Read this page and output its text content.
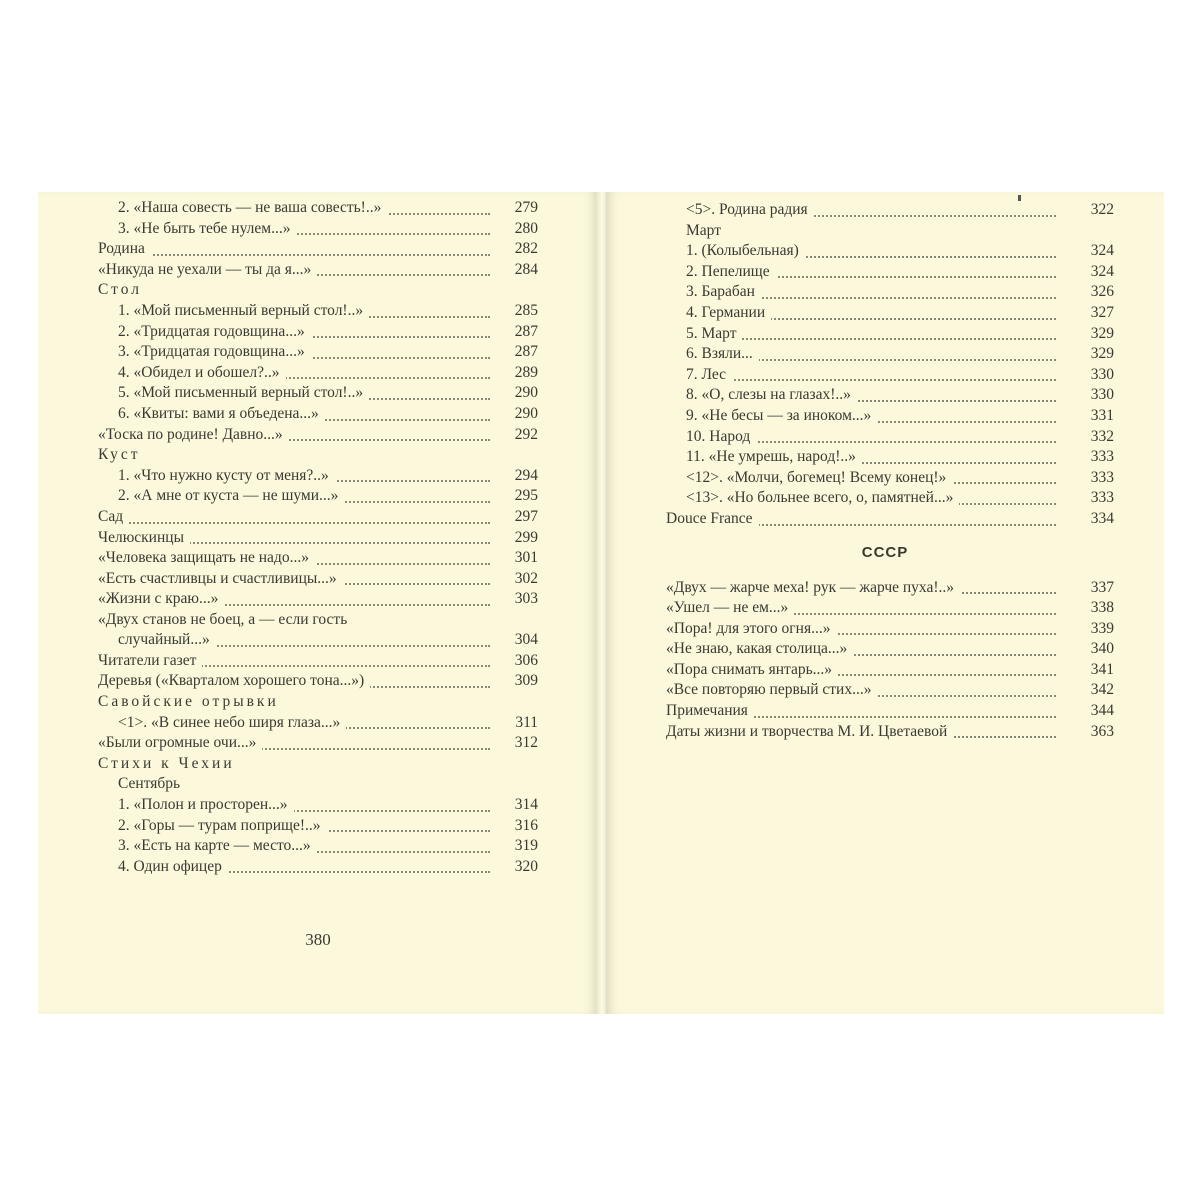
2. «Наша совесть — не ваша совесть!..»	279
3. «Не быть тебе нулем...»	280
Родина	282
«Никуда не уехали — ты да я...»	284
Стол
1. «Мой письменный верный стол!..»	285
2. «Тридцатая годовщина...»	287
3. «Тридцатая годовщина...»	287
4. «Обидел и обошел?..»	289
5. «Мой письменный верный стол!..»	290
6. «Квиты: вами я объедена...»	290
«Тоска по родине! Давно...»	292
Куст
1. «Что нужно кусту от меня?..»	294
2. «А мне от куста — не шуми...»	295
Сад	297
Челюскинцы	299
«Человека защищать не надо...»	301
«Есть счастливцы и счастливицы...»	302
«Жизни с краю...»	303
«Двух станов не боец, а — если гость
случайный...»	304
Читатели газет	306
Деревья («Кварталом хорошего тона...»)	309
Савойские отрывки
<1>. «В синее небо ширя глаза...»	311
«Были огромные очи...»	312
Стихи к Чехии
Сентябрь
1. «Полон и просторен...»	314
2. «Горы — турам поприще!..»	316
3. «Есть на карте — место...»	319
4. Один офицер	320
380
<5>. Родина радия	322
Март
1. (Колыбельная)	324
2. Пепелище	324
3. Барабан	326
4. Германии	327
5. Март	329
6. Взяли...	329
7. Лес	330
8. «О, слезы на глазах!..»	330
9. «Не бесы — за иноком...»	331
10. Народ	332
11. «Не умрешь, народ!..»	333
<12>. «Молчи, богемец! Всему конец!»	333
<13>. «Но больнее всего, о, памятней...»	333
Douce France	334
СССР
«Двух — жарче меха! рук — жарче пуха!..»	337
«Ушел — не ем...»	338
«Пора! для этого огня...»	339
«Не знаю, какая столица...»	340
«Пора снимать янтарь...»	341
«Все повторяю первый стих...»	342
Примечания	344
Даты жизни и творчества М. И. Цветаевой	363
